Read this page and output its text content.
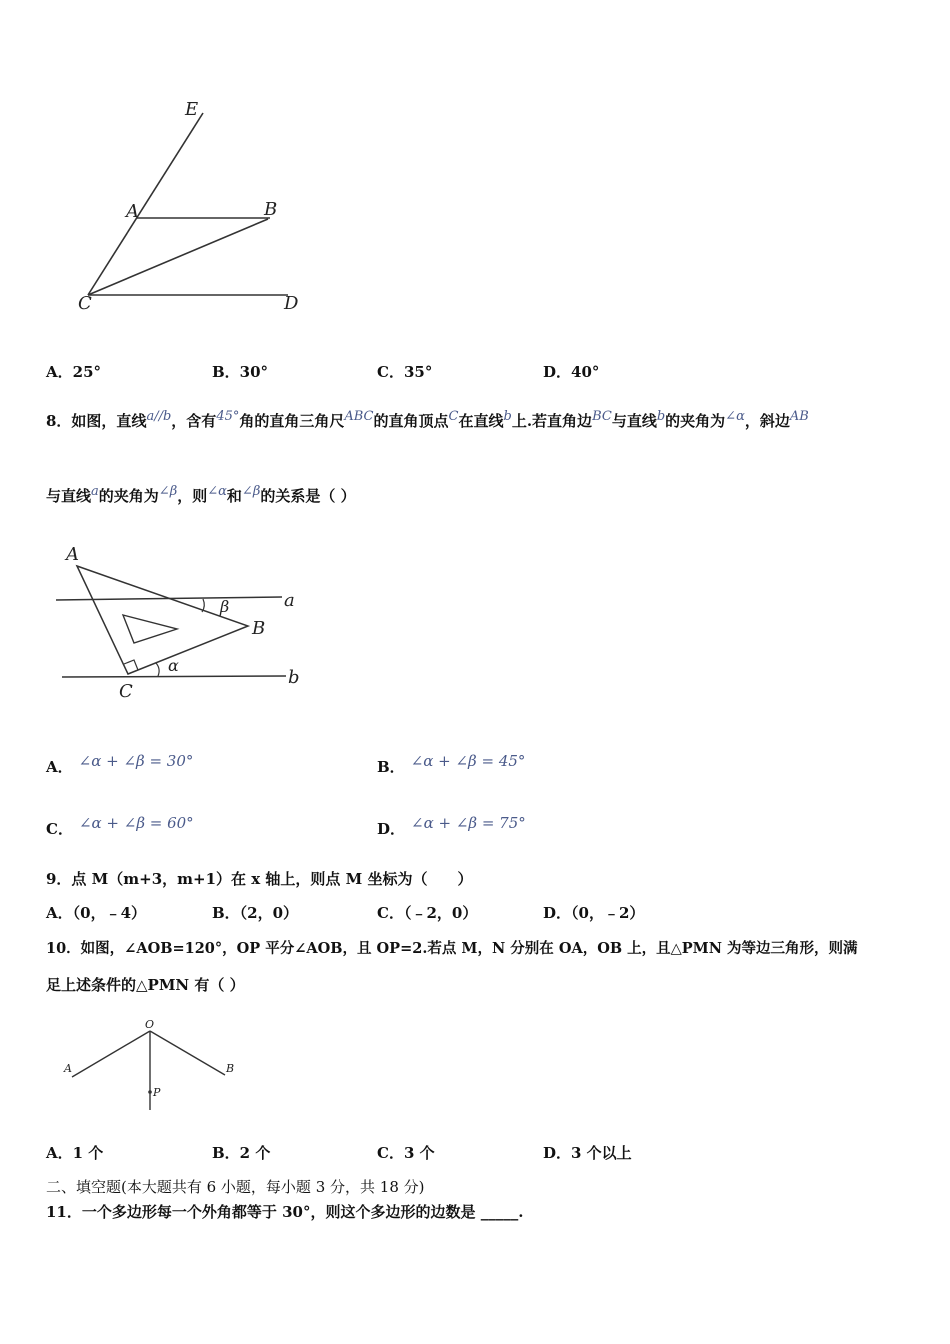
E
A	B
C	D
A．25°	B．30°	C．35°	D．40°
8．如图，直线a//b，含有45°角的直角三角尺ABC的直角顶点C在直线b上.若直角边BC与直线b的夹角为∠α，斜边AB
与直线a的夹角为∠β，则∠α和∠β的关系是（ ）
A
B
C
a
b
β
α
A． ∠α + ∠β = 30°	B． ∠α + ∠β = 45°
C． ∠α + ∠β = 60°	D． ∠α + ∠β = 75°
9．点 M（m+3，m+1）在 x 轴上，则点 M 坐标为（　　）
A．（0，﹣4）	B．（2，0）	C．（﹣2，0）	D．（0，﹣2）
10．如图，∠AOB=120°，OP 平分∠AOB，且 OP=2.若点 M，N 分别在 OA，OB 上，且△PMN 为等边三角形，则满
足上述条件的△PMN 有（ ）
O
A	B
P
A．1 个	B．2 个	C．3 个	D．3 个以上
二、填空题(本大题共有 6 小题，每小题 3 分，共 18 分)
11．一个多边形每一个外角都等于 30°，则这个多边形的边数是 _____.
